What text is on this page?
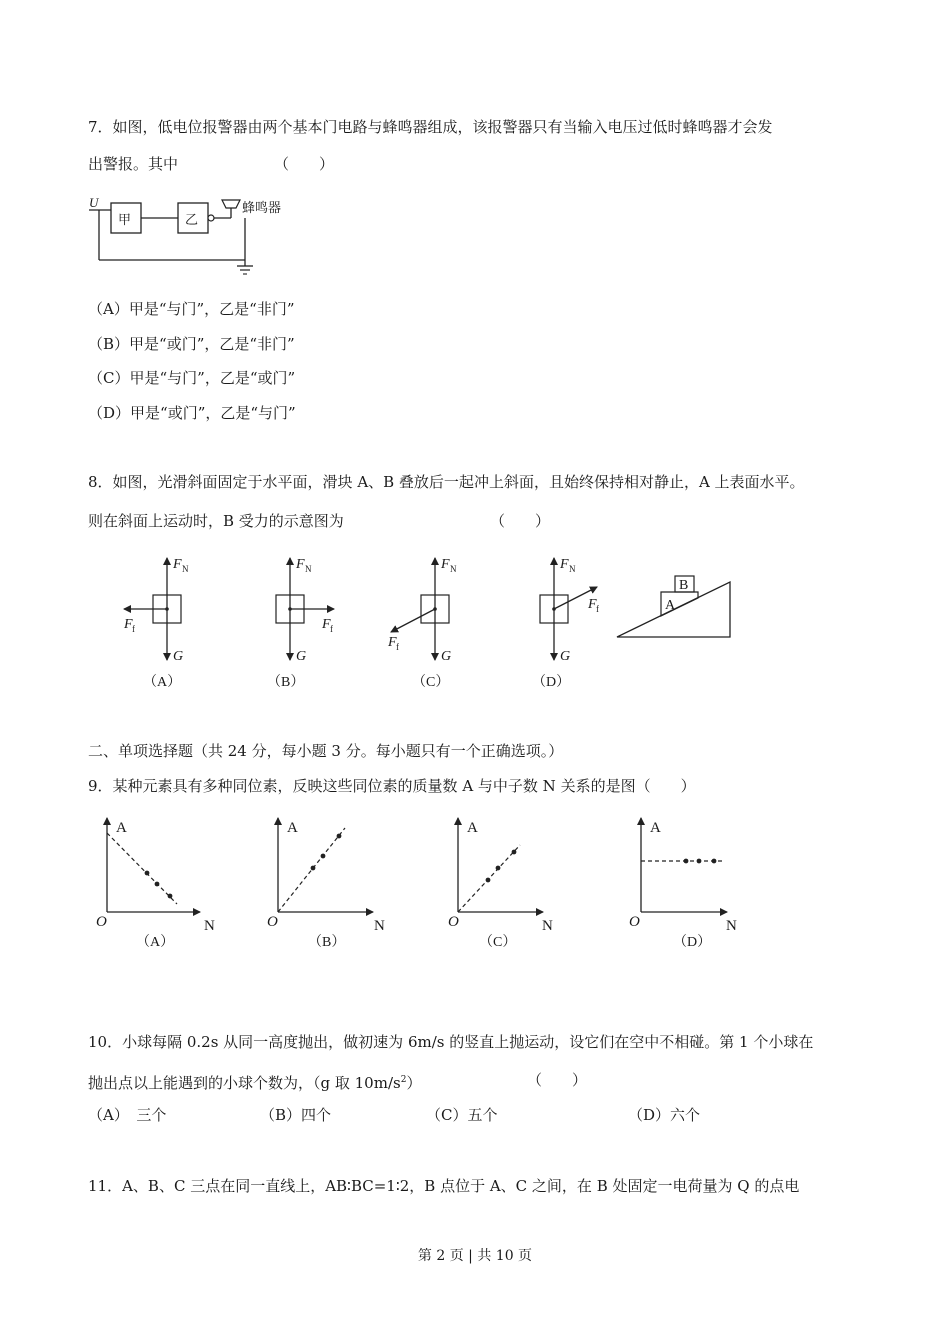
7．如图，低电位报警器由两个基本门电路与蜂鸣器组成，该报警器只有当输入电压过低时蜂鸣器才会发
出警报。其中	（　　）
U
甲	乙
蜂鸣器
（A）甲是“与门”，乙是“非门”
（B）甲是“或门”，乙是“非门”
（C）甲是“与门”，乙是“或门”
（D）甲是“或门”，乙是“与门”
8．如图，光滑斜面固定于水平面，滑块 A、B 叠放后一起冲上斜面，且始终保持相对静止，A 上表面水平。
则在斜面上运动时，B 受力的示意图为	（　　）
F N
F f
G
（A）
F N
F f
G
（B）
F N
F f
G
（C）
F N
F f
G
（D）
A
B
二、单项选择题（共 24 分，每小题 3 分。每小题只有一个正确选项。）
9．某种元素具有多种同位素，反映这些同位素的质量数 A 与中子数 N 关系的是图（　　）
A
N
O
（A）
A
N
O
（B）
A
N
O
（C）
A
N
O
（D）
10．小球每隔 0.2s 从同一高度抛出，做初速为 6m/s 的竖直上抛运动，设它们在空中不相碰。第 1 个小球在
抛出点以上能遇到的小球个数为，（g 取 $10m/s^2$）	（　　）
（A）　三个	（B）四个	（C）五个	（D）六个
11．A、B、C 三点在同一直线上，AB∶BC=1∶2，B 点位于 A、C 之间，在 B 处固定一电荷量为 Q 的点电
第 2 页 | 共 10 页
